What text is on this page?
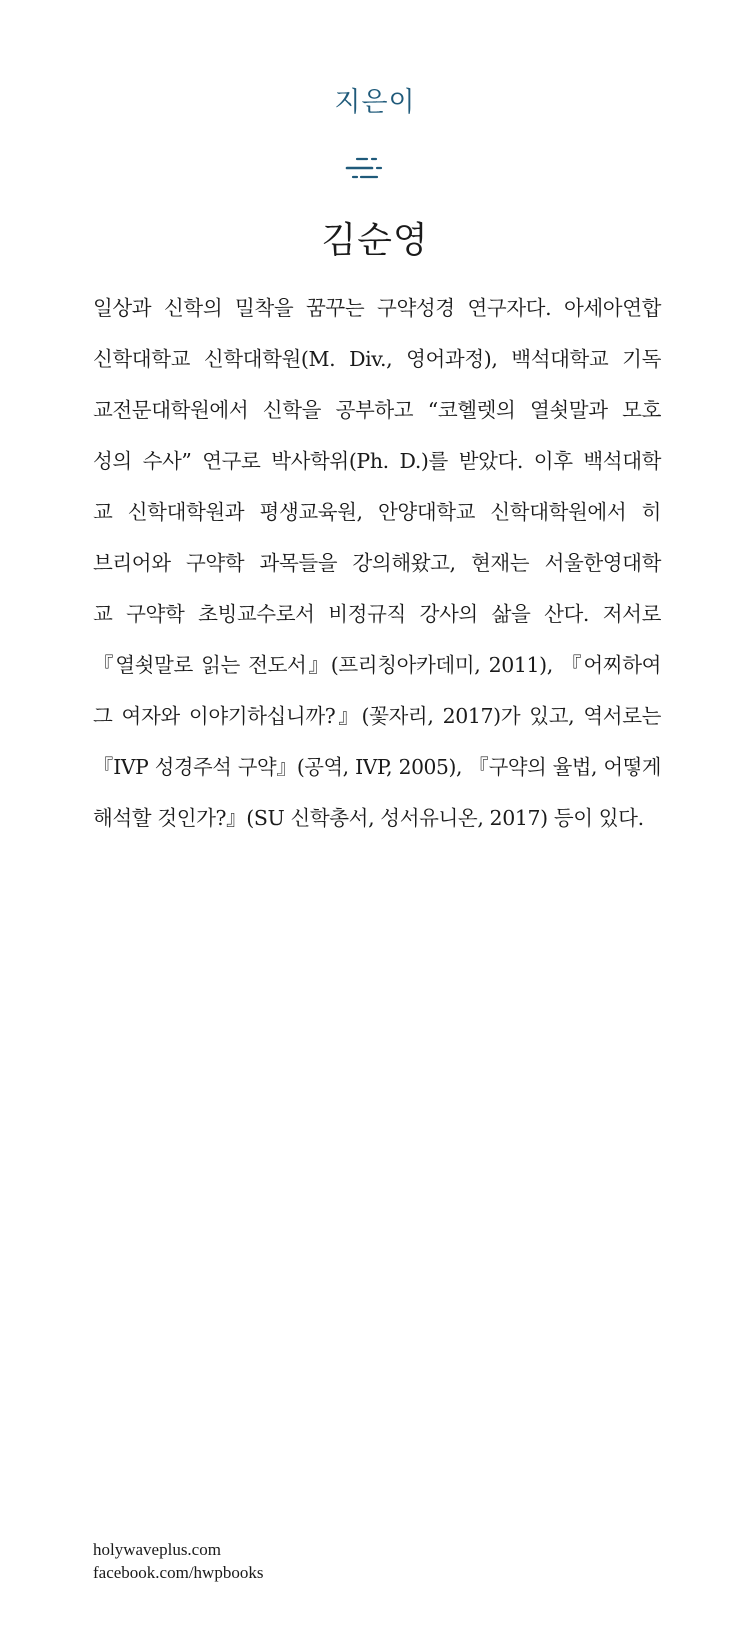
지은이
김순영
일상과 신학의 밀착을 꿈꾸는 구약성경 연구자다. 아세아연합
신학대학교 신학대학원(M. Div., 영어과정), 백석대학교 기독
교전문대학원에서 신학을 공부하고 “코헬렛의 열쇳말과 모호
성의 수사” 연구로 박사학위(Ph. D.)를 받았다. 이후 백석대학
교 신학대학원과 평생교육원, 안양대학교 신학대학원에서 히
브리어와 구약학 과목들을 강의해왔고, 현재는 서울한영대학
교 구약학 초빙교수로서 비정규직 강사의 삶을 산다. 저서로
『열쇳말로 읽는 전도서』(프리칭아카데미, 2011), 『어찌하여
그 여자와 이야기하십니까?』(꽃자리, 2017)가 있고, 역서로는
『IVP 성경주석 구약』(공역, IVP, 2005), 『구약의 율법, 어떻게
해석할 것인가?』(SU 신학총서, 성서유니온, 2017) 등이 있다.
holywaveplus.com
facebook.com/hwpbooks
